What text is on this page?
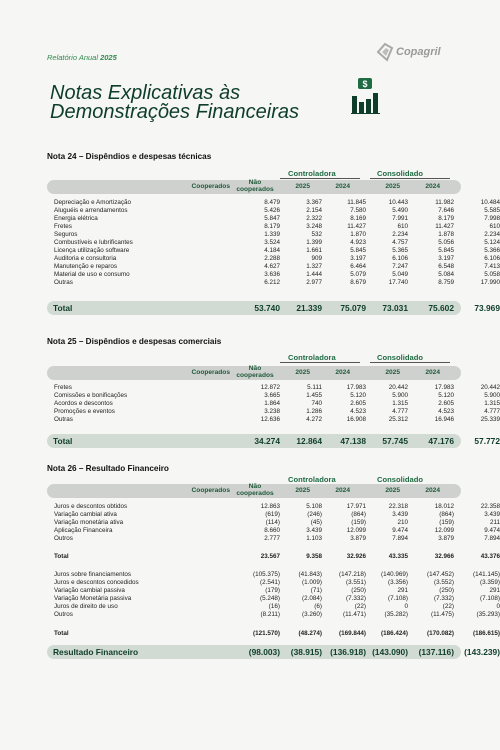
Relatório Anual 2025	Copagril
Notas Explicativas às
Demonstrações Financeiras
$
Nota 24 – Dispêndios e despesas técnicas
Controladora	Consolidado
Cooperados
Não
cooperados	2025	2024	2025	2024
Depreciação e Amortização	8.479	3.367	11.845	10.443	11.982	10.484
Aluguéis e arrendamentos	5.426	2.154	7.580	5.490	7.646	5.585
Energia elétrica	5.847	2.322	8.169	7.991	8.179	7.998
Fretes	8.179	3.248	11.427	610	11.427	610
Seguros	1.339	532	1.870	2.234	1.878	2.234
Combustíveis e lubrificantes	3.524	1.399	4.923	4.757	5.056	5.124
Licença utilização software	4.184	1.661	5.845	5.365	5.845	5.366
Auditoria e consultoria	2.288	909	3.197	6.106	3.197	6.106
Manutenção e reparos	4.627	1.327	6.464	7.247	6.548	7.413
Material de uso e consumo	3.636	1.444	5.079	5.049	5.084	5.058
Outras	6.212	2.977	8.679	17.740	8.759	17.990
Total	53.740	21.339	75.079	73.031	75.602	73.969
Nota 25 – Dispêndios e despesas comerciais
Controladora	Consolidado
Cooperados
Não
cooperados	2025	2024	2025	2024
Fretes	12.872	5.111	17.983	20.442	17.983	20.442
Comissões e bonificações	3.665	1.455	5.120	5.900	5.120	5.900
Acordos e descontos	1.864	740	2.605	1.315	2.605	1.315
Promoções e eventos	3.238	1.286	4.523	4.777	4.523	4.777
Outras	12.636	4.272	16.908	25.312	16.946	25.339
Total	34.274	12.864	47.138	57.745	47.176	57.772
Nota 26 – Resultado Financeiro
Controladora	Consolidado
Cooperados
Não
cooperados	2025	2024	2025	2024
Juros e descontos obtidos	12.863	5.108	17.971	22.318	18.012	22.358
Variação cambial ativa	(619)	(246)	(864)	3.439	(864)	3.439
Variação monetária ativa	(114)	(45)	(159)	210	(159)	211
Aplicação Financeira	8.660	3.439	12.099	9.474	12.099	9.474
Outros	2.777	1.103	3.879	7.894	3.879	7.894
Total	23.567	9.358	32.926	43.335	32.966	43.376
Juros sobre financiamentos	(105.375)	(41.843)	(147.218)	(140.969)	(147.452)	(141.145)
Juros e descontos concedidos	(2.541)	(1.009)	(3.551)	(3.356)	(3.552)	(3.359)
Variação cambial passiva	(179)	(71)	(250)	291	(250)	291
Variação Monetária passiva	(5.248)	(2.084)	(7.332)	(7.108)	(7.332)	(7.108)
Juros de direito de uso	(16)	(6)	(22)	0	(22)	0
Outros	(8.211)	(3.260)	(11.471)	(35.282)	(11.475)	(35.293)
Total	(121.570)	(48.274)	(169.844)	(186.424)	(170.082)	(186.615)
Resultado Financeiro	(98.003)	(38.915) (136.918) (143.090)	(137.116)	(143.239)
